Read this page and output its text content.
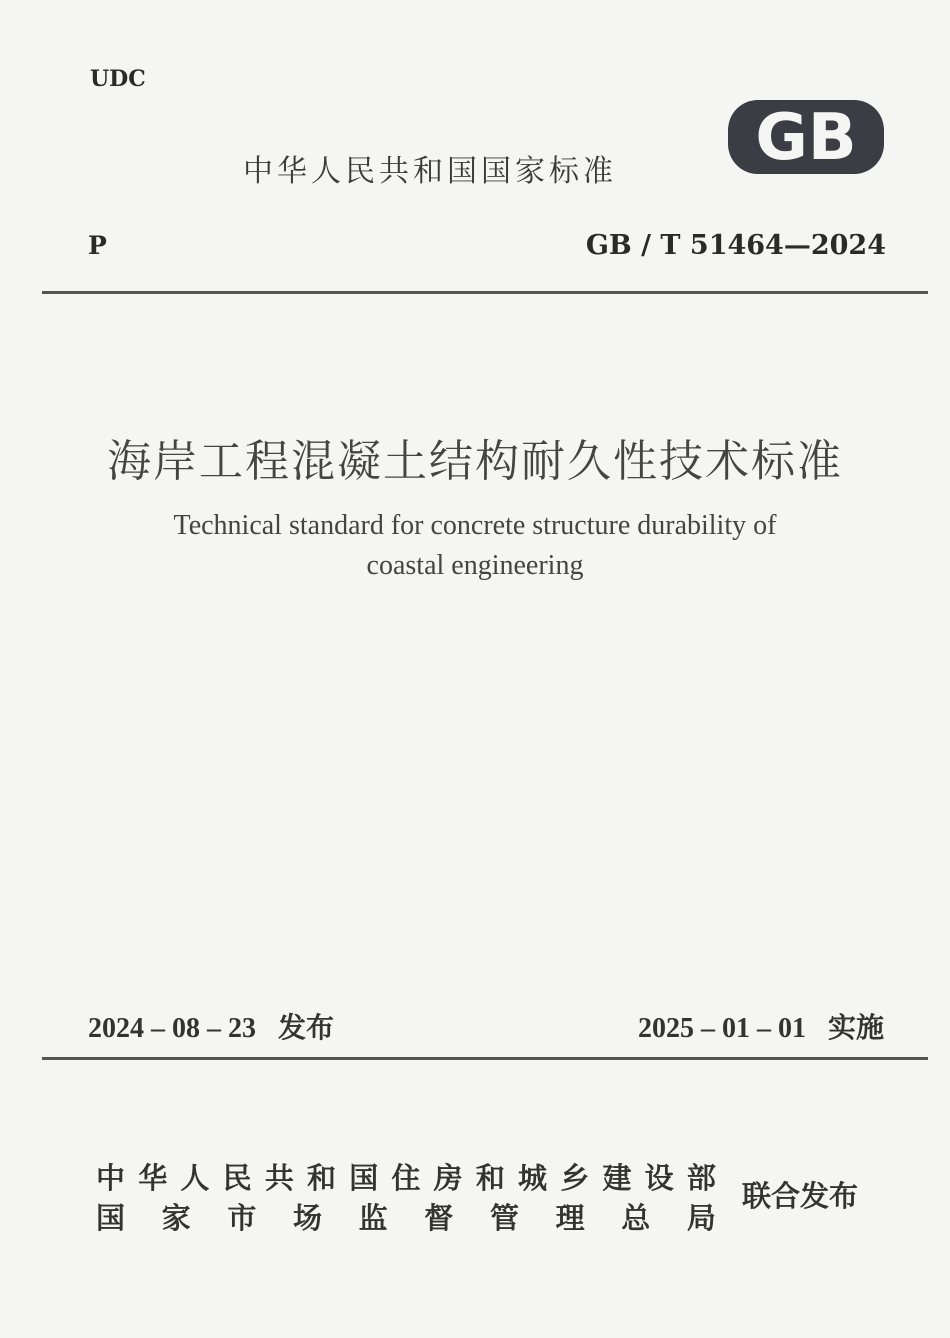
UDC
中华人民共和国国家标准 GB
P	GB / T 51464—2024
海岸工程混凝土结构耐久性技术标准
Technical standard for concrete structure durability of
coastal engineering
2024 – 08 – 23 发布	2025 – 01 – 01 实施
中 华 人 民 共 和 国 住 房 和 城 乡 建 设 部
国 家 市 场 监 督 管 理 总 局
联合发布
